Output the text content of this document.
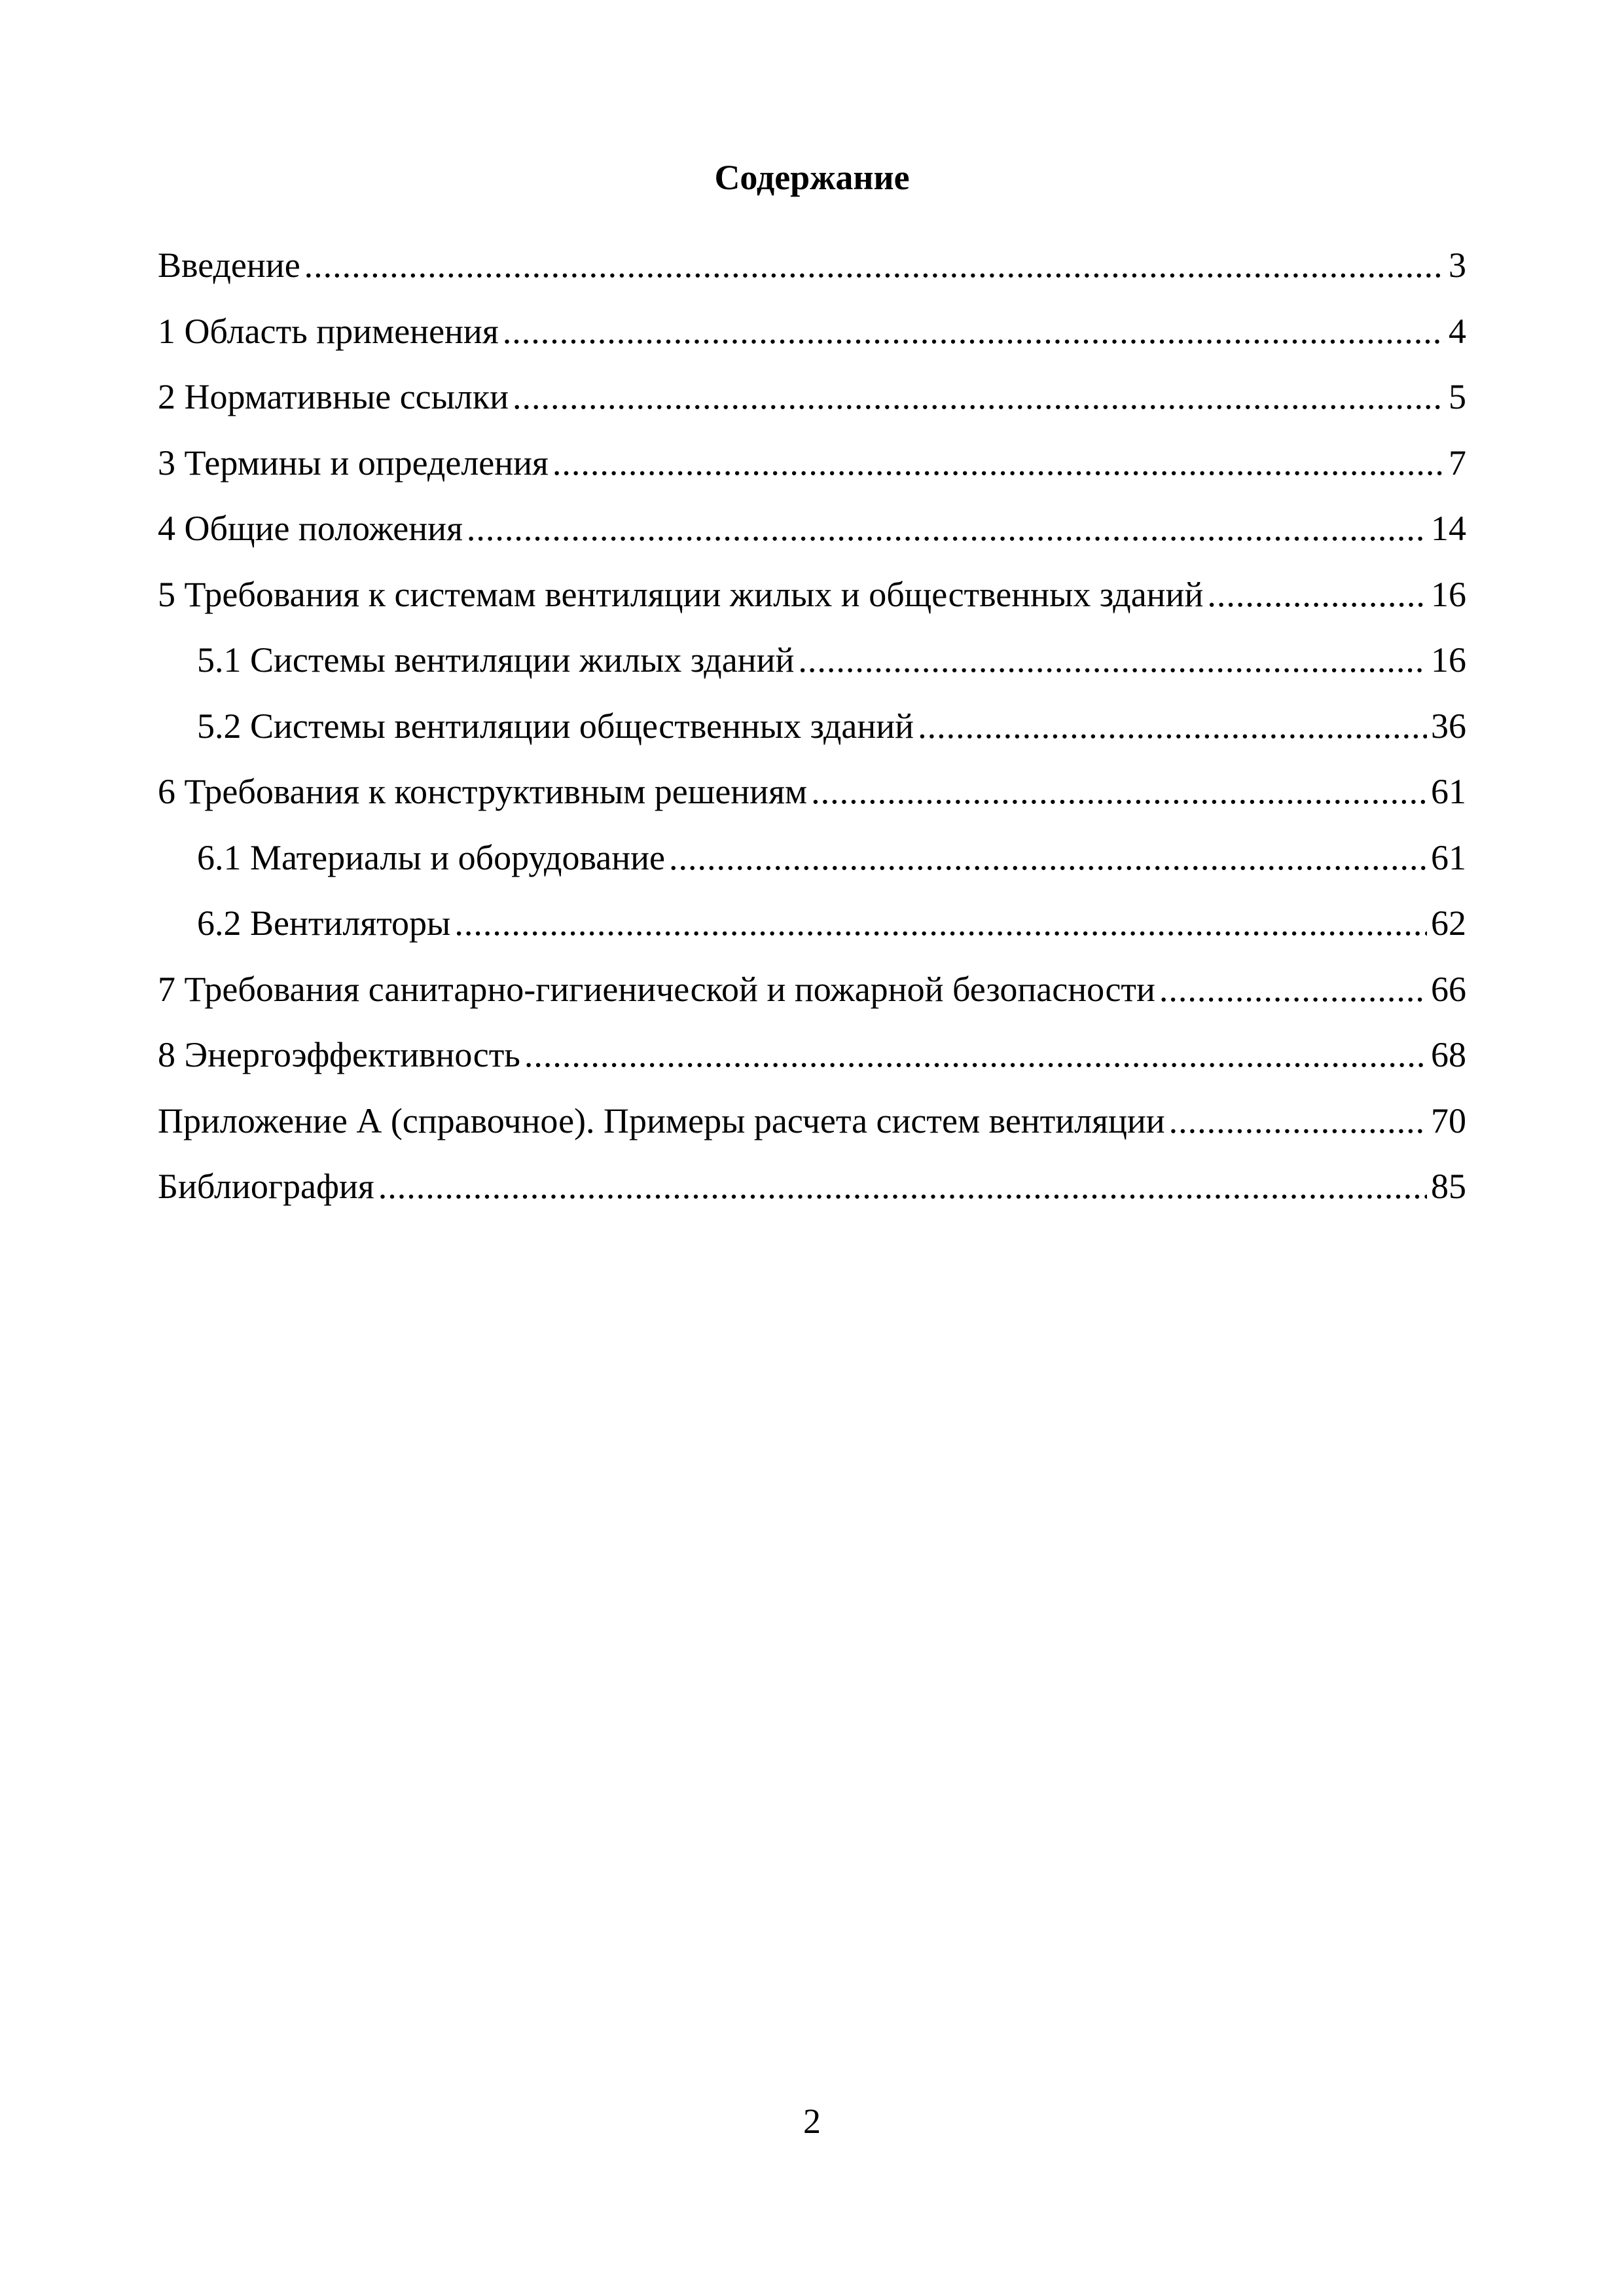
Содержание
Введение .....	3
1 Область применения .....	4
2 Нормативные ссылки .....	5
3 Термины и определения .....	7
4 Общие положения .....	14
5 Требования к системам вентиляции жилых и общественных зданий .....	16
5.1 Системы вентиляции жилых зданий .....	16
5.2 Системы вентиляции общественных зданий .....	36
6 Требования к конструктивным решениям .....	61
6.1 Материалы и оборудование .....	61
6.2 Вентиляторы .....	62
7 Требования санитарно-гигиенической и пожарной безопасности .....	66
8 Энергоэффективность .....	68
Приложение А (справочное). Примеры расчета систем вентиляции .....	70
Библиография .....	85
2
